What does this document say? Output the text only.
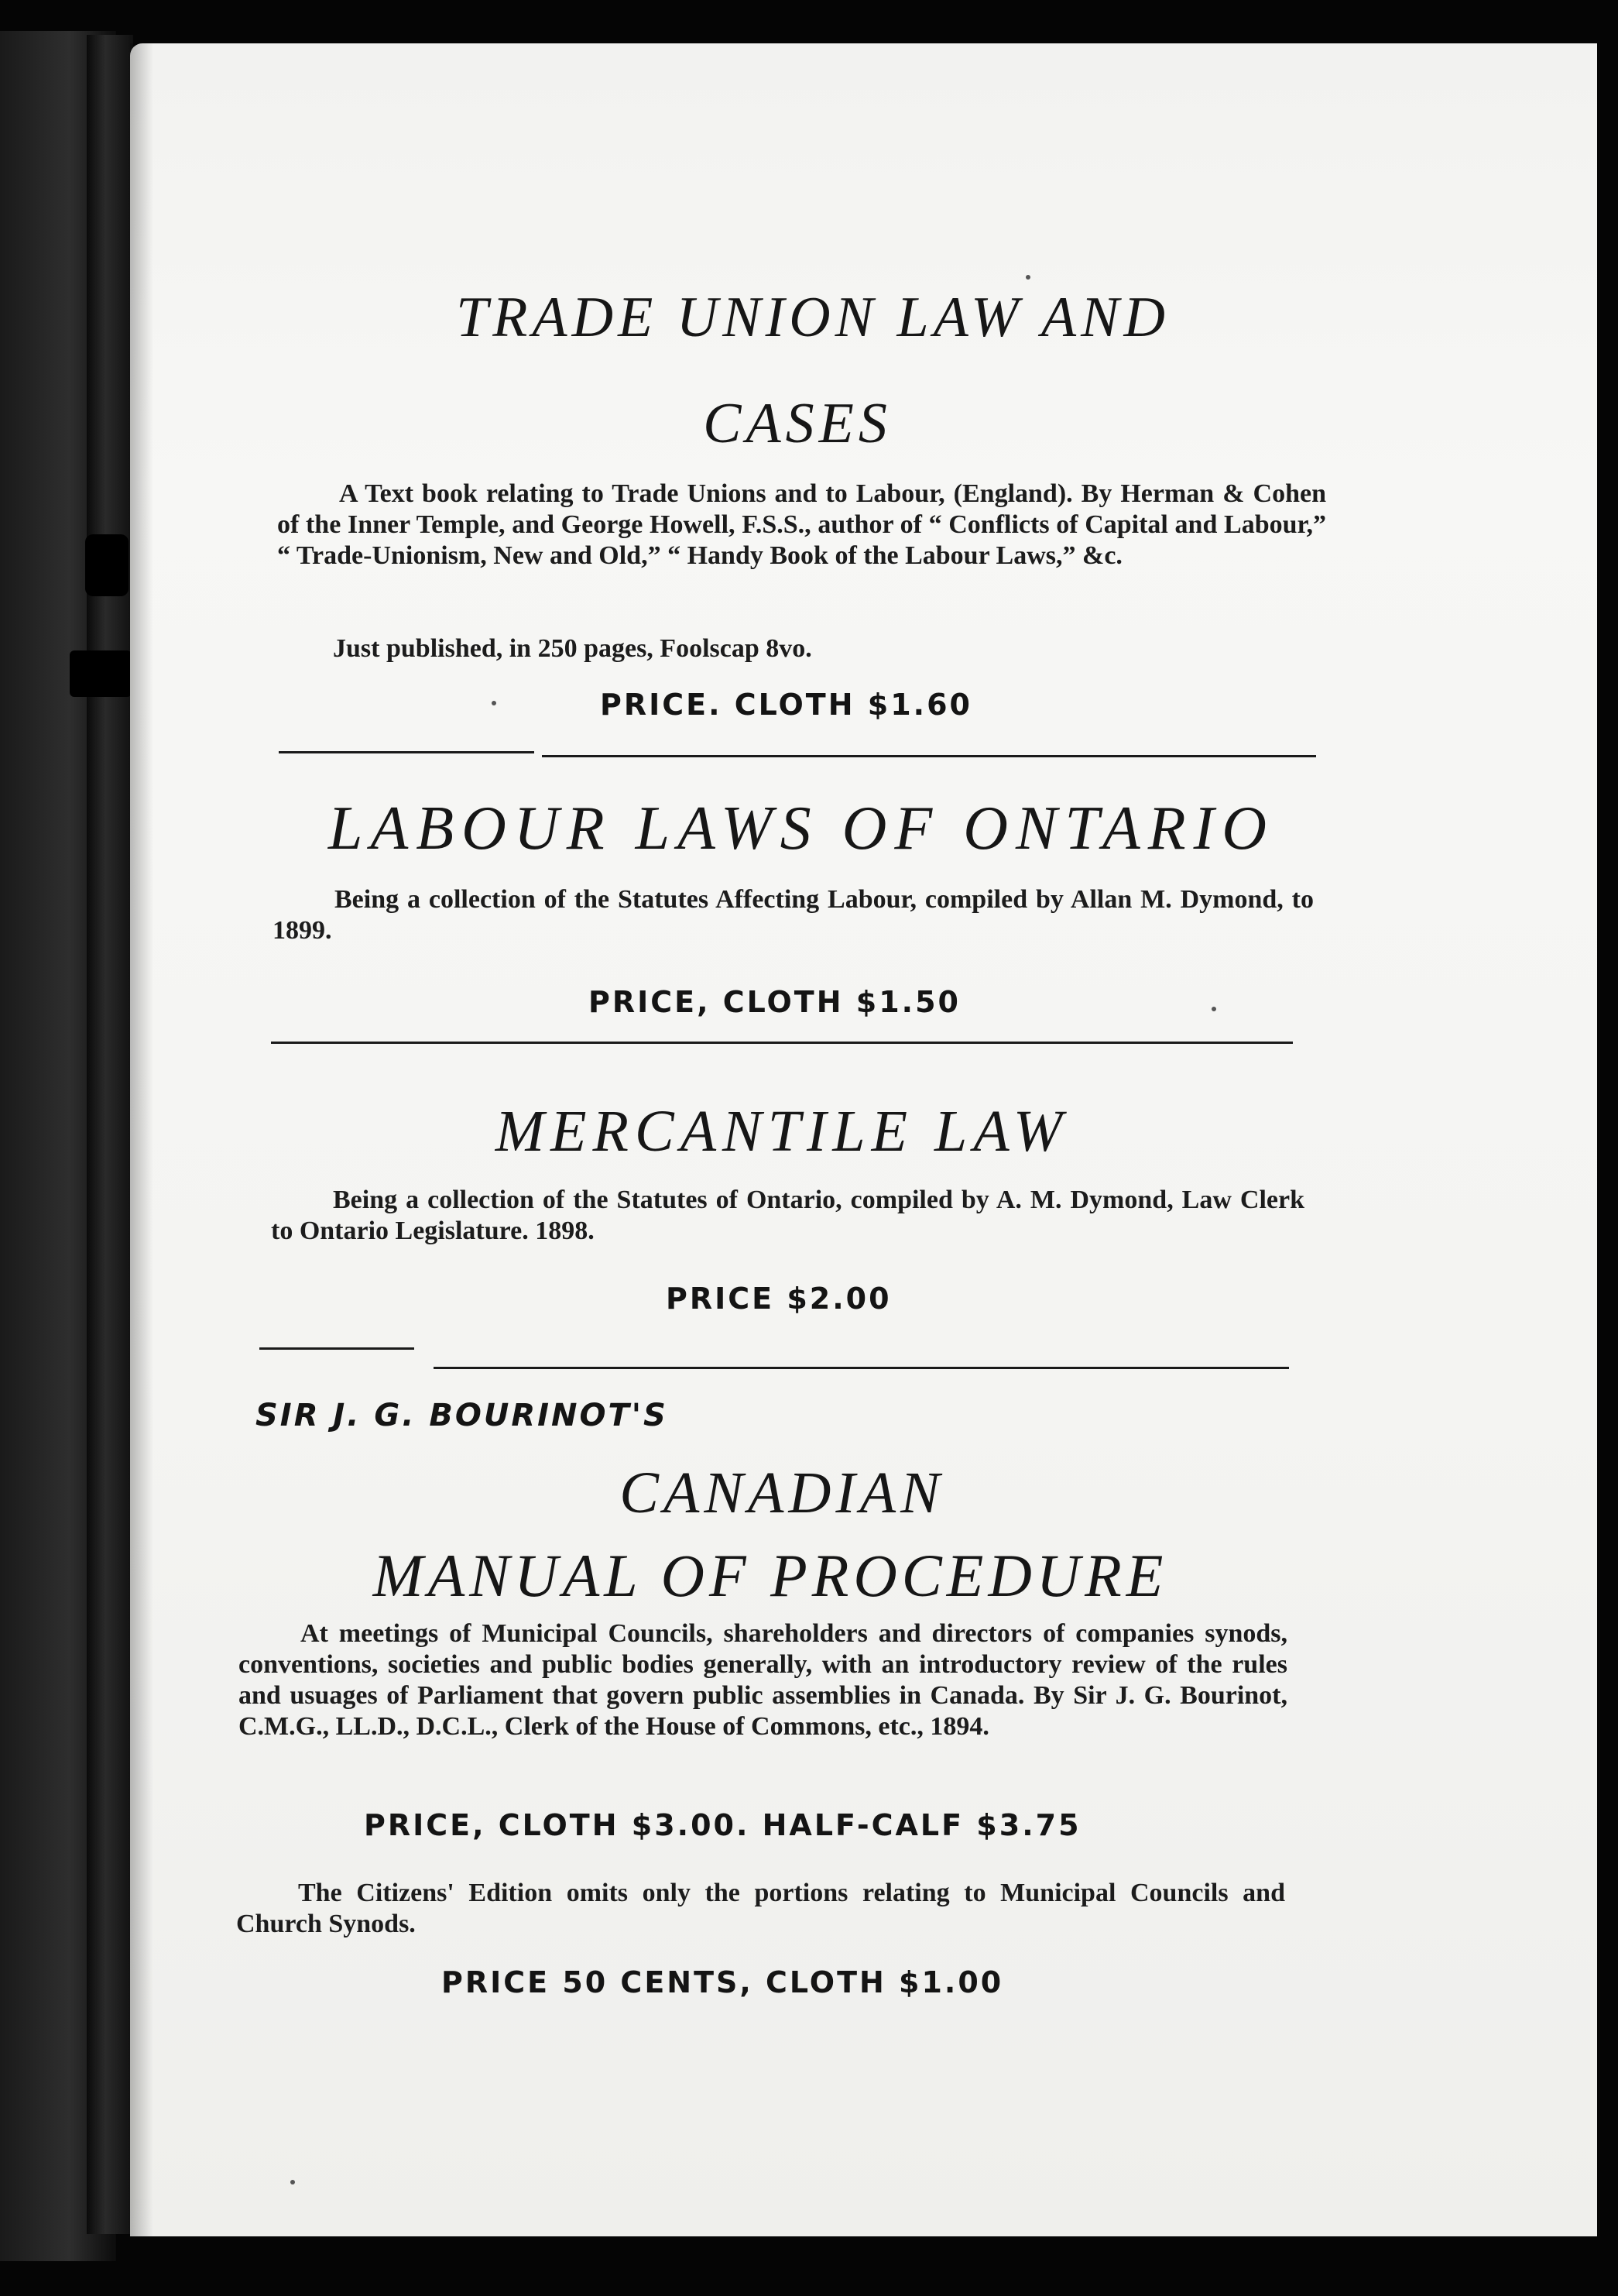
TRADE UNION LAW AND
CASES
A Text book relating to Trade Unions and to Labour, (England). By Herman & Cohen of the Inner Temple, and George Howell, F.S.S., author of “ Conflicts of Capital and Labour,” “ Trade-Unionism, New and Old,” “ Handy Book of the Labour Laws,” &c.
Just published, in 250 pages, Foolscap 8vo.
PRICE. CLOTH $1.60
LABOUR LAWS OF ONTARIO
Being a collection of the Statutes Affecting Labour, compiled by Allan M. Dymond, to 1899.
PRICE, CLOTH $1.50
MERCANTILE LAW
Being a collection of the Statutes of Ontario, compiled by A. M. Dymond, Law Clerk to Ontario Legislature. 1898.
PRICE $2.00
SIR J. G. BOURINOT'S
CANADIAN
MANUAL OF PROCEDURE
At meetings of Municipal Councils, shareholders and directors of companies synods, conventions, societies and public bodies generally, with an introductory review of the rules and usuages of Parliament that govern public assemblies in Canada. By Sir J. G. Bourinot, C.M.G., LL.D., D.C.L., Clerk of the House of Commons, etc., 1894.
PRICE, CLOTH $3.00. HALF-CALF $3.75
The Citizens' Edition omits only the portions relating to Municipal Councils and Church Synods.
PRICE 50 CENTS, CLOTH $1.00
